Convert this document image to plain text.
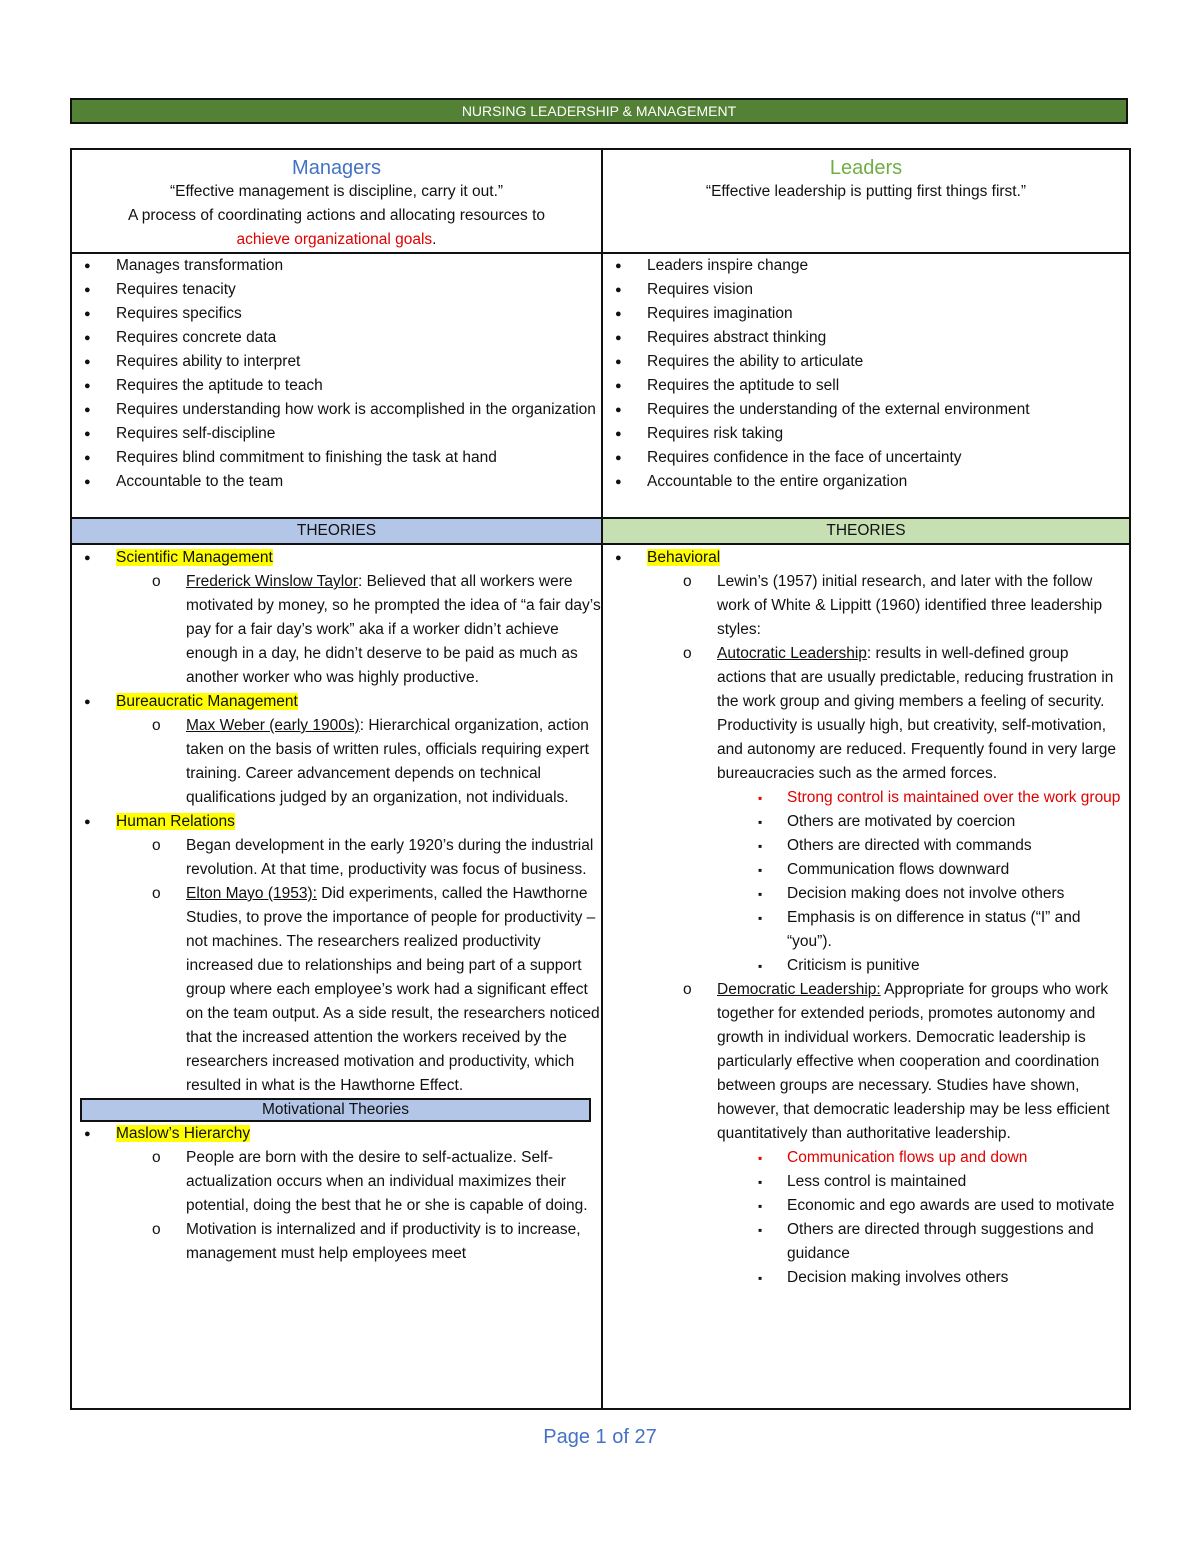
NURSING LEADERSHIP & MANAGEMENT
Managers
“Effective management is discipline, carry it out.”
A process of coordinating actions and allocating resources to
achieve organizational goals.
Leaders
“Effective leadership is putting first things first.”
● Manages transformation
● Requires tenacity
● Requires specifics
● Requires concrete data
● Requires ability to interpret
● Requires the aptitude to teach
● Requires understanding how work is accomplished in the organization
● Requires self-discipline
● Requires blind commitment to finishing the task at hand
● Accountable to the team
● Leaders inspire change
● Requires vision
● Requires imagination
● Requires abstract thinking
● Requires the ability to articulate
● Requires the aptitude to sell
● Requires the understanding of the external environment
● Requires risk taking
● Requires confidence in the face of uncertainty
● Accountable to the entire organization
THEORIES	THEORIES
● Scientific Management
o Frederick Winslow Taylor: Believed that all workers were motivated by money, so he prompted the idea of “a fair day’s pay for a fair day’s work” aka if a worker didn’t achieve enough in a day, he didn’t deserve to be paid as much as another worker who was highly productive.
● Bureaucratic Management
o Max Weber (early 1900s): Hierarchical organization, action taken on the basis of written rules, officials requiring expert training. Career advancement depends on technical qualifications judged by an organization, not individuals.
● Human Relations
o Began development in the early 1920’s during the industrial revolution. At that time, productivity was focus of business.
o Elton Mayo (1953): Did experiments, called the Hawthorne Studies, to prove the importance of people for productivity – not machines. The researchers realized productivity increased due to relationships and being part of a support group where each employee’s work had a significant effect on the team output. As a side result, the researchers noticed that the increased attention the workers received by the researchers increased motivation and productivity, which resulted in what is the Hawthorne Effect.
Motivational Theories
● Maslow’s Hierarchy
o People are born with the desire to self-actualize. Self-actualization occurs when an individual maximizes their potential, doing the best that he or she is capable of doing.
o Motivation is internalized and if productivity is to increase, management must help employees meet
● Behavioral
o Lewin’s (1957) initial research, and later with the follow work of White & Lippitt (1960) identified three leadership styles:
o Autocratic Leadership: results in well-defined group actions that are usually predictable, reducing frustration in the work group and giving members a feeling of security. Productivity is usually high, but creativity, self-motivation, and autonomy are reduced. Frequently found in very large bureaucracies such as the armed forces.
▪ Strong control is maintained over the work group
▪ Others are motivated by coercion
▪ Others are directed with commands
▪ Communication flows downward
▪ Decision making does not involve others
▪ Emphasis is on difference in status (“I” and “you”).
▪ Criticism is punitive
o Democratic Leadership: Appropriate for groups who work together for extended periods, promotes autonomy and growth in individual workers. Democratic leadership is particularly effective when cooperation and coordination between groups are necessary. Studies have shown, however, that democratic leadership may be less efficient quantitatively than authoritative leadership.
▪ Communication flows up and down
▪ Less control is maintained
▪ Economic and ego awards are used to motivate
▪ Others are directed through suggestions and guidance
▪ Decision making involves others
Page 1 of 27
